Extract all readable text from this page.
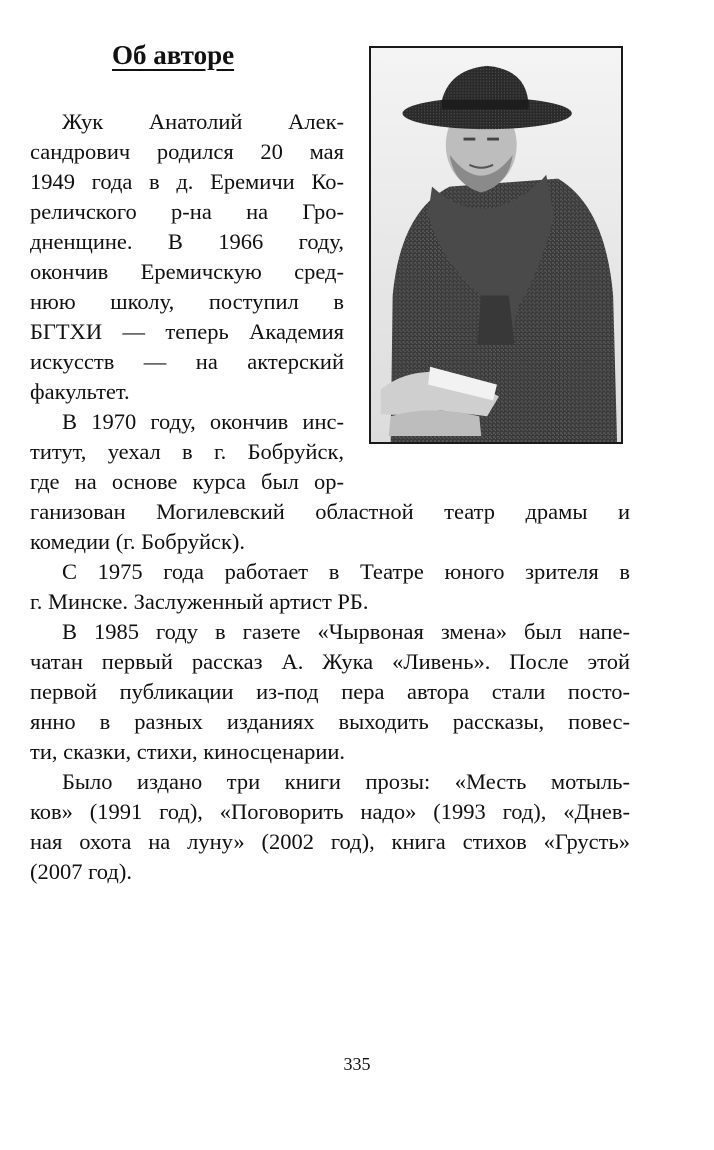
Об авторе

Жук Анатолий Алек-

сандрович родился 20 мая

1949 года в д. Еремичи Ко-

реличского р-на на Гро-

дненщине. В 1966 году,

окончив Еремичскую сред-

нюю школу, поступил в

БГТХИ — теперь Академия

искусств — на актерский

факультет.

В 1970 году, окончив инс-

титут, уехал в г. Бобруйск,

где на основе курса был ор-

ганизован Могилевский областной театр драмы и

комедии (г. Бобруйск).

С 1975 года работает в Театре юного зрителя в

г. Минске. Заслуженный артист РБ.

В 1985 году в газете «Чырвоная змена» был напе-

чатан первый рассказ А. Жука «Ливень». После этой

первой публикации из-под пера автора стали посто-

янно в разных изданиях выходить рассказы, повес-

ти, сказки, стихи, киносценарии.

Было издано три книги прозы: «Месть мотыль-

ков» (1991 год), «Поговорить надо» (1993 год), «Днев-

ная охота на луну» (2002 год), книга стихов «Грусть»

(2007 год).

335
